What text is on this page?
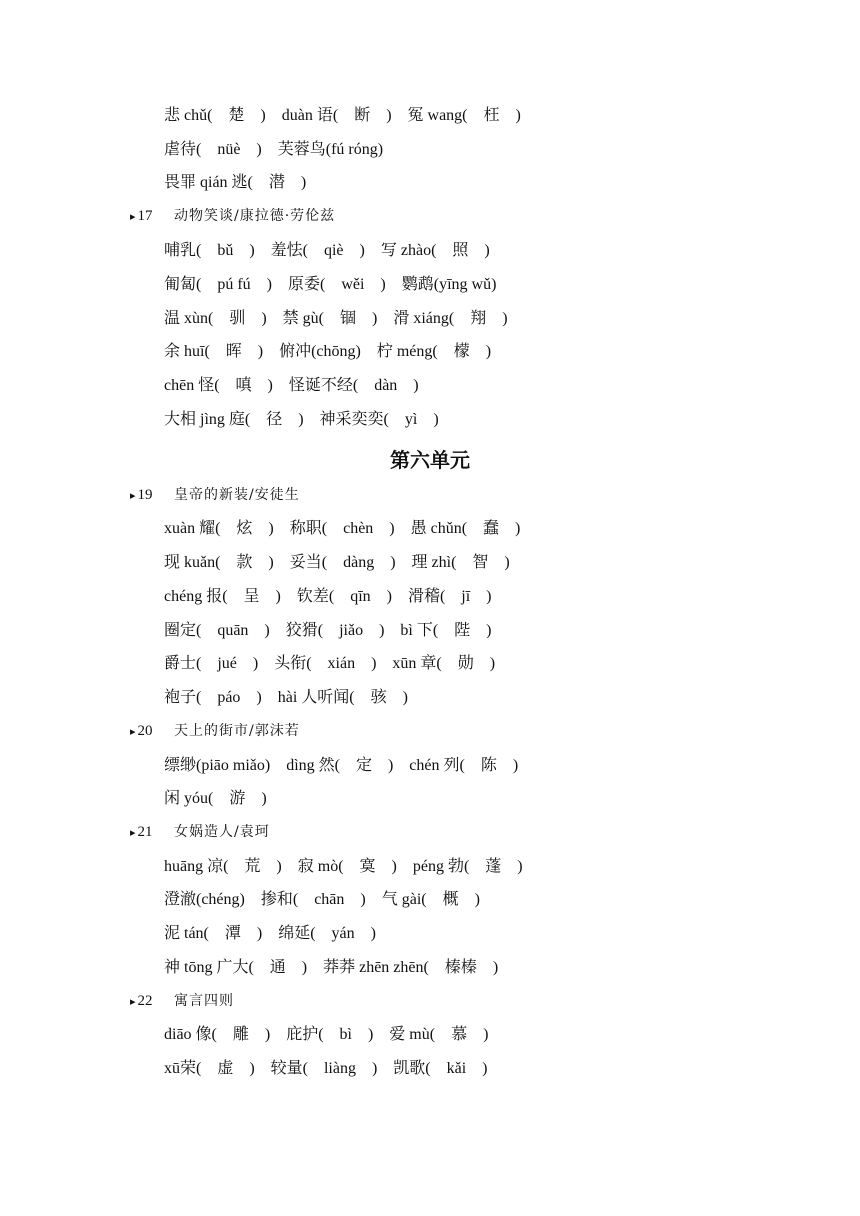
悲 chǔ(　楚　)　duàn 语(　断　)　冤 wang(　枉　)
虐待(　nüè　)　芙蓉鸟(fú róng)
畏罪 qián 逃(　潜　)
▸ 17 动物笑谈/康拉德·劳伦兹
哺乳(　bǔ　)　羞怯(　qiè　)　写 zhào(　照　)
匍匐(　pú fú　)　原委(　wěi　)　鹦鹉(yīng wǔ)
温 xùn(　驯　)　禁 gù(　锢　)　滑 xiáng(　翔　)
余 huī(　晖　)　俯冲(chōng)　柠 méng(　檬　)
chēn 怪(　嗔　)　怪诞不经(　dàn　)
大相 jìng 庭(　径　)　神采奕奕(　yì　)
第六单元
▸ 19 皇帝的新装/安徒生
xuàn 耀(　炫　)　称职(　chèn　)　愚 chǔn(　蠢　)
现 kuǎn(　款　)　妥当(　dàng　)　理 zhì(　智　)
chéng 报(　呈　)　钦差(　qīn　)　滑稽(　jī　)
圈定(　quān　)　狡猾(　jiǎo　)　bì 下(　陛　)
爵士(　jué　)　头衔(　xián　)　xūn 章(　勋　)
袍子(　páo　)　hài 人听闻(　骇　)
▸ 20 天上的街市/郭沫若
缥缈(piāo miǎo)　dìng 然(　定　)　chén 列(　陈　)
闲 yóu(　游　)
▸ 21 女娲造人/袁珂
huāng 凉(　荒　)　寂 mò(　寞　)　péng 勃(　蓬　)
澄澈(chéng)　掺和(　chān　)　气 gài(　概　)
泥 tán(　潭　)　绵延(　yán　)
神 tōng 广大(　通　)　莽莽 zhēn zhēn(　榛榛　)
▸ 22 寓言四则
diāo 像(　雕　)　庇护(　bì　)　爱 mù(　慕　)
xū荣(　虚　)　较量(　liàng　)　凯歌(　kǎi　)
